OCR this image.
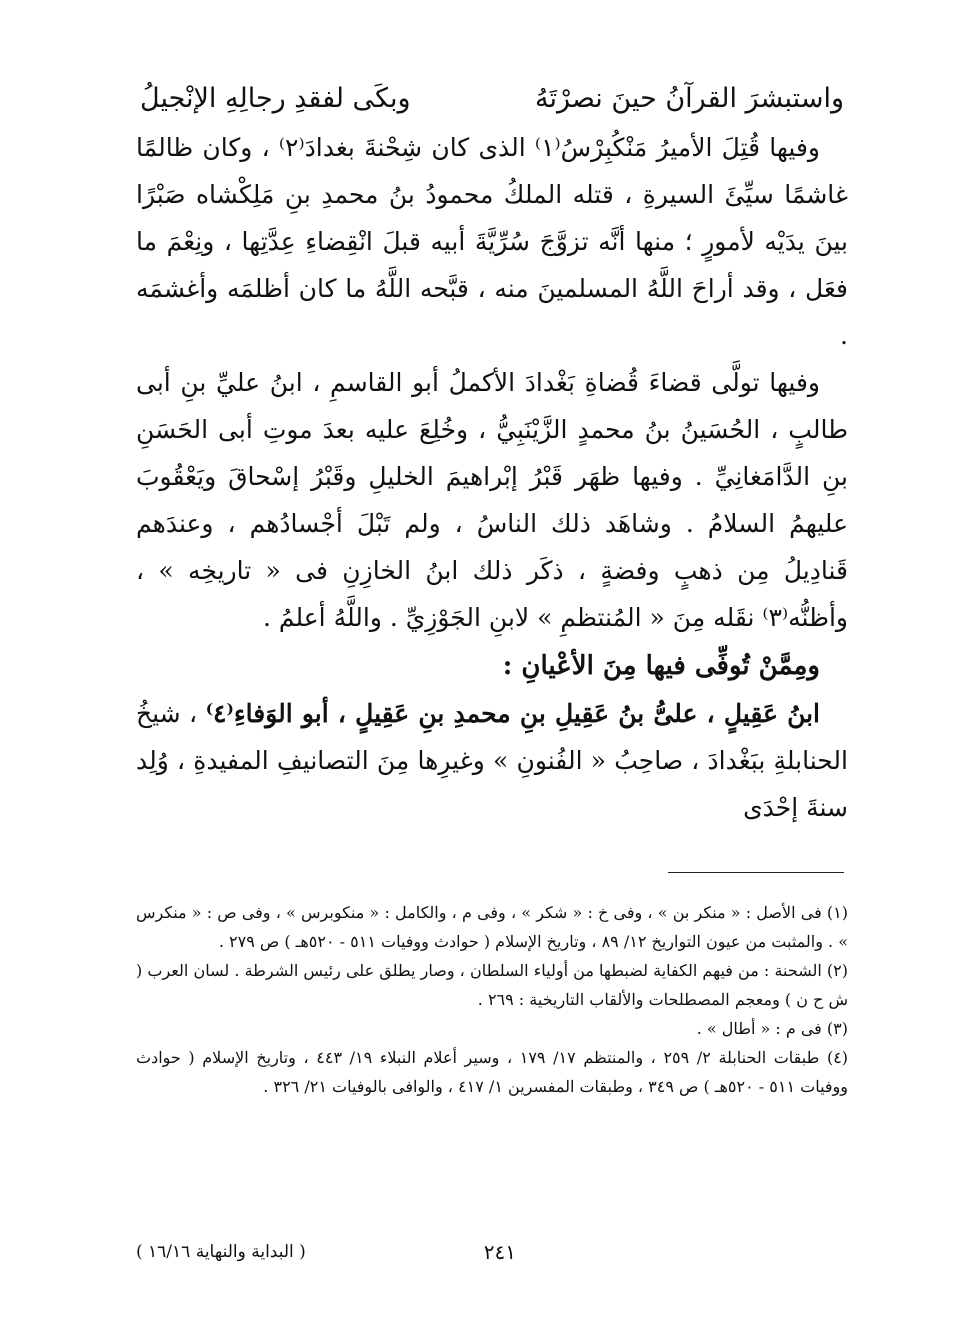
واستبشرَ القرآنُ حينَ نصرْتَهُ
وبكَى لفقدِ رجالِهِ الإنْجيلُ

وفيها قُتِلَ الأميرُ مَنْكُبِرْسُ⁽١⁾ الذى كان شِحْنةَ بغدادَ⁽٢⁾ ، وكان ظالمًا غاشمًا سيِّئَ السيرةِ ، قتله الملكُ محمودُ بنُ محمدِ بنِ مَلِكْشاه صَبْرًا بينَ يدَيْه لأمورٍ ؛ منها أنَّه تزوَّجَ سُرِّيَّةَ أبيه قبلَ انْقِضاءِ عِدَّتِها ، ونِعْمَ ما فعَل ، وقد أراحَ اللَّهُ المسلمينَ منه ، قبَّحه اللَّهُ ما كان أظلمَه وأغشمَه .

وفيها تولَّى قضاءَ قُضاةِ بَغْدادَ الأكملُ أبو القاسمِ ، ابنُ عليِّ بنِ أبى طالبٍ ، الحُسَينُ بنُ محمدٍ الزَّيْنَبِيُّ ، وخُلِعَ عليه بعدَ موتِ أبى الحَسَنِ بنِ الدَّامَغانِيِّ . وفيها ظهَر قَبْرُ إبْراهيمَ الخليلِ وقَبْرُ إسْحاقَ ويَعْقُوبَ عليهمُ السلامُ . وشاهَد ذلك الناسُ ، ولم تَبْلَ أجْسادُهم ، وعندَهم قَنادِيلُ مِن ذهبٍ وفضةٍ ، ذكَر ذلك ابنُ الخازِنِ فى « تاريخِه » ، وأظنُّه⁽٣⁾ نقَله مِنَ « المُنتظمِ » لابنِ الجَوْزِيِّ . واللَّهُ أعلمُ .

ومِمَّنْ تُوفِّى فيها مِنَ الأعْيانِ :

ابنُ عَقِيلٍ ، علىُّ بنُ عَقِيلِ بنِ محمدِ بنِ عَقِيلٍ ، أبو الوَفاءِ⁽٤⁾ ، شيخُ الحنابلةِ ببَغْدادَ ، صاحِبُ « الفُنونِ » وغيرِها مِنَ التصانيفِ المفيدةِ ، وُلِد سنةَ إحْدَى

(١) فى الأصل : « منكر بن » ، وفى خ : « شكر » ، وفى م ، والكامل : « منكوبرس » ، وفى ص : « منكرس » . والمثبت من عيون التواريخ ١٢/ ٨٩ ، وتاريخ الإسلام ( حوادث ووفيات ٥١١ - ٥٢٠هـ ) ص ٢٧٩ .

(٢) الشحنة : من فيهم الكفاية لضبطها من أولياء السلطان ، وصار يطلق على رئيس الشرطة . لسان العرب ( ش ح ن ) ومعجم المصطلحات والألقاب التاريخية : ٢٦٩ .

(٣) فى م : « أطال » .

(٤) طبقات الحنابلة ٢/ ٢٥٩ ، والمنتظم ١٧/ ١٧٩ ، وسير أعلام النبلاء ١٩/ ٤٤٣ ، وتاريخ الإسلام ( حوادث ووفيات ٥١١ - ٥٢٠هـ ) ص ٣٤٩ ، وطبقات المفسرين ١/ ٤١٧ ، والوافى بالوفيات ٢١/ ٣٢٦ .

٢٤١
( البداية والنهاية ١٦/١٦ )
